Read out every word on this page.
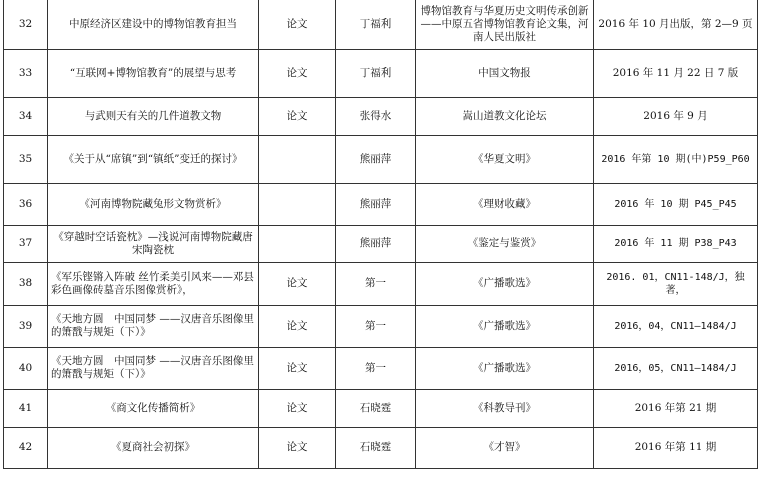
32	中原经济区建设中的博物馆教育担当	论文	丁福利	博物馆教育与华夏历史文明传承创新——中原五省博物馆教育论文集，河南人民出版社	2016 年 10 月出版，第 2—9 页
33	“互联网+博物馆教育”的展望与思考	论文	丁福利	中国文物报	2016 年 11 月 22 日 7 版
34	与武则天有关的几件道教文物	论文	张得水	嵩山道教文化论坛	2016 年 9 月
35	《关于从“席镇”到“镇纸”变迁的探讨》		熊丽萍	《华夏文明》	2016 年第 10 期(中)P59_P60
36	《河南博物院藏兔形文物赏析》		熊丽萍	《理财收藏》	2016 年 10 期 P45_P45
37	《穿越时空话瓷枕》—浅说河南博物院藏唐宋陶瓷枕		熊丽萍	《鉴定与鉴赏》	2016 年 11 期 P38_P43
38	《军乐铿锵入阵破 丝竹柔美引风来——邓县彩色画像砖墓音乐图像赏析》，	论文	第一	《广播歌选》	2016. 01，CN11-148/J，独著，
39	《天地方圆　中国同梦 ——汉唐音乐图像里的箫戬与规矩（下）》	论文	第一	《广播歌选》	2016，04，CN11—1484/J
40	《天地方圆　中国同梦 ——汉唐音乐图像里的箫戬与规矩（下）》	论文	第一	《广播歌选》	2016，05，CN11—1484/J
41	《商文化传播简析》	论文	石晓霆	《科教导刊》	2016 年第 21 期
42	《夏商社会初探》	论文	石晓霆	《才智》	2016 年第 11 期
